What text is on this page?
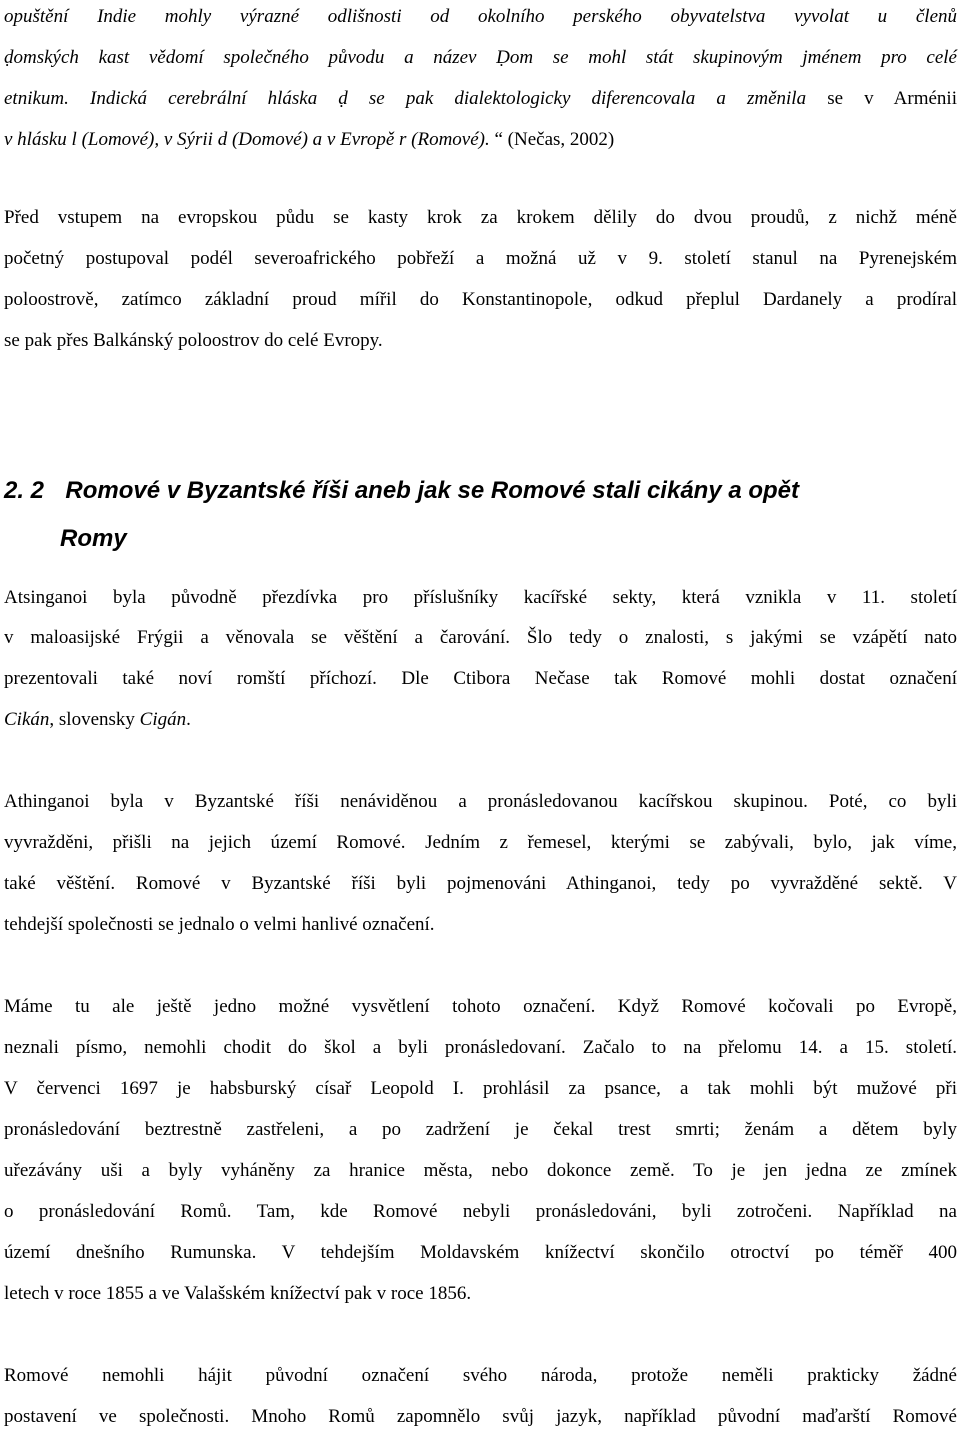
opuštění Indie mohly výrazné odlišnosti od okolního perského obyvatelstva vyvolat u členů
ḍomských kast vědomí společného původu a název Ḍom se mohl stát skupinovým jménem pro celé
etnikum. Indická cerebrální hláska ḍ se pak dialektologicky diferencovala a změnila se v Arménii
v hlásku l (Lomové), v Sýrii d (Domové) a v Evropě r (Romové). “ (Nečas, 2002)
Před vstupem na evropskou půdu se kasty krok za krokem dělily do dvou proudů, z nichž méně
početný postupoval podél severoafrického pobřeží a možná už v 9. století stanul na Pyrenejském
poloostrově, zatímco základní proud mířil do Konstantinopole, odkud přeplul Dardanely a prodíral
se pak přes Balkánský poloostrov do celé Evropy.
2. 2 Romové v Byzantské říši aneb jak se Romové stali cikány a opět
Romy
Atsinganoi byla původně přezdívka pro příslušníky kacířské sekty, která vznikla v 11. století
v maloasijské Frýgii a věnovala se věštění a čarování. Šlo tedy o znalosti, s jakými se vzápětí nato
prezentovali také noví romští příchozí. Dle Ctibora Nečase tak Romové mohli dostat označení
Cikán, slovensky Cigán.
Athinganoi byla v Byzantské říši nenáviděnou a pronásledovanou kacířskou skupinou. Poté, co byli
vyvražděni, přišli na jejich území Romové. Jedním z řemesel, kterými se zabývali, bylo, jak víme,
také věštění. Romové v Byzantské říši byli pojmenováni Athinganoi, tedy po vyvražděné sektě. V
tehdejší společnosti se jednalo o velmi hanlivé označení.
Máme tu ale ještě jedno možné vysvětlení tohoto označení. Když Romové kočovali po Evropě,
neznali písmo, nemohli chodit do škol a byli pronásledovaní. Začalo to na přelomu 14. a 15. století.
V červenci 1697 je habsburský císař Leopold I. prohlásil za psance, a tak mohli být mužové při
pronásledování beztrestně zastřeleni, a po zadržení je čekal trest smrti; ženám a dětem byly
uřezávány uši a byly vyháněny za hranice města, nebo dokonce země. To je jen jedna ze zmínek
o pronásledování Romů. Tam, kde Romové nebyli pronásledováni, byli zotročeni. Například na
území dnešního Rumunska. V tehdejším Moldavském knížectví skončilo otroctví po téměř 400
letech v roce 1855 a ve Valašském knížectví pak v roce 1856.
Romové nemohli hájit původní označení svého národa, protože neměli prakticky žádné
postavení ve společnosti. Mnoho Romů zapomnělo svůj jazyk, například původní maďarští Romové
